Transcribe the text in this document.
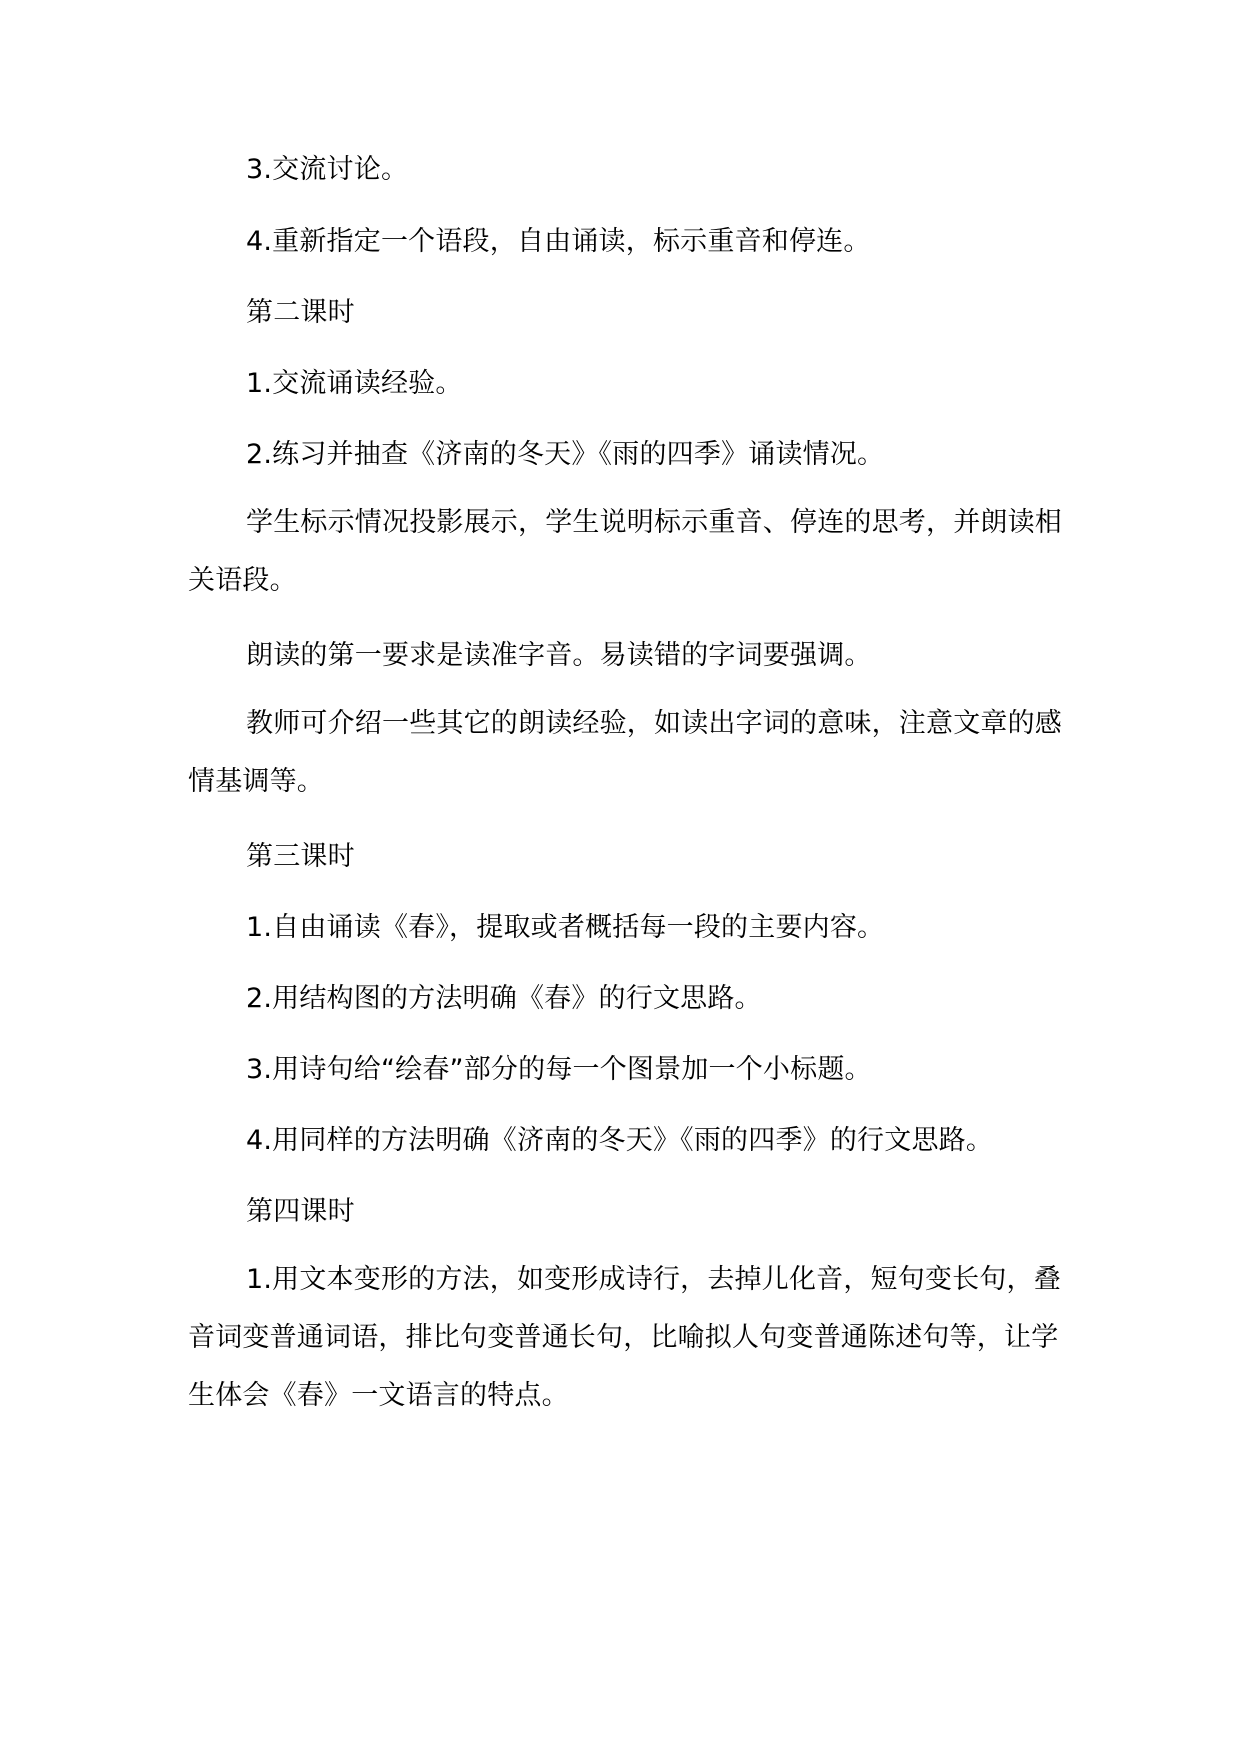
3.交流讨论。

4.重新指定一个语段，自由诵读，标示重音和停连。

第二课时

1.交流诵读经验。

2.练习并抽查《济南的冬天》《雨的四季》诵读情况。

学生标示情况投影展示，学生说明标示重音、停连的思考，并朗读相关语段。

朗读的第一要求是读准字音。易读错的字词要强调。

教师可介绍一些其它的朗读经验，如读出字词的意味，注意文章的感情基调等。

第三课时

1.自由诵读《春》，提取或者概括每一段的主要内容。

2.用结构图的方法明确《春》的行文思路。

3.用诗句给“绘春”部分的每一个图景加一个小标题。

4.用同样的方法明确《济南的冬天》《雨的四季》的行文思路。

第四课时

1.用文本变形的方法，如变形成诗行，去掉儿化音，短句变长句，叠音词变普通词语，排比句变普通长句，比喻拟人句变普通陈述句等，让学生体会《春》一文语言的特点。
